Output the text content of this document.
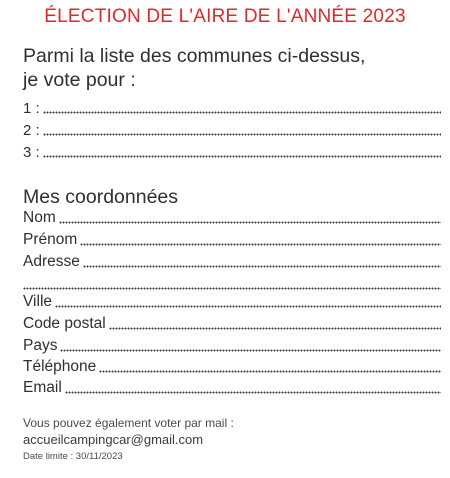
ÉLECTION DE L'AIRE DE L'ANNÉE 2023
Parmi la liste des communes ci-dessus,
je vote pour :
1 :
2 :
3 :
Mes coordonnées
Nom
Prénom
Adresse
Ville
Code postal
Pays
Téléphone
Email
Vous pouvez également voter par mail :
accueilcampingcar@gmail.com
Date limite : 30/11/2023
